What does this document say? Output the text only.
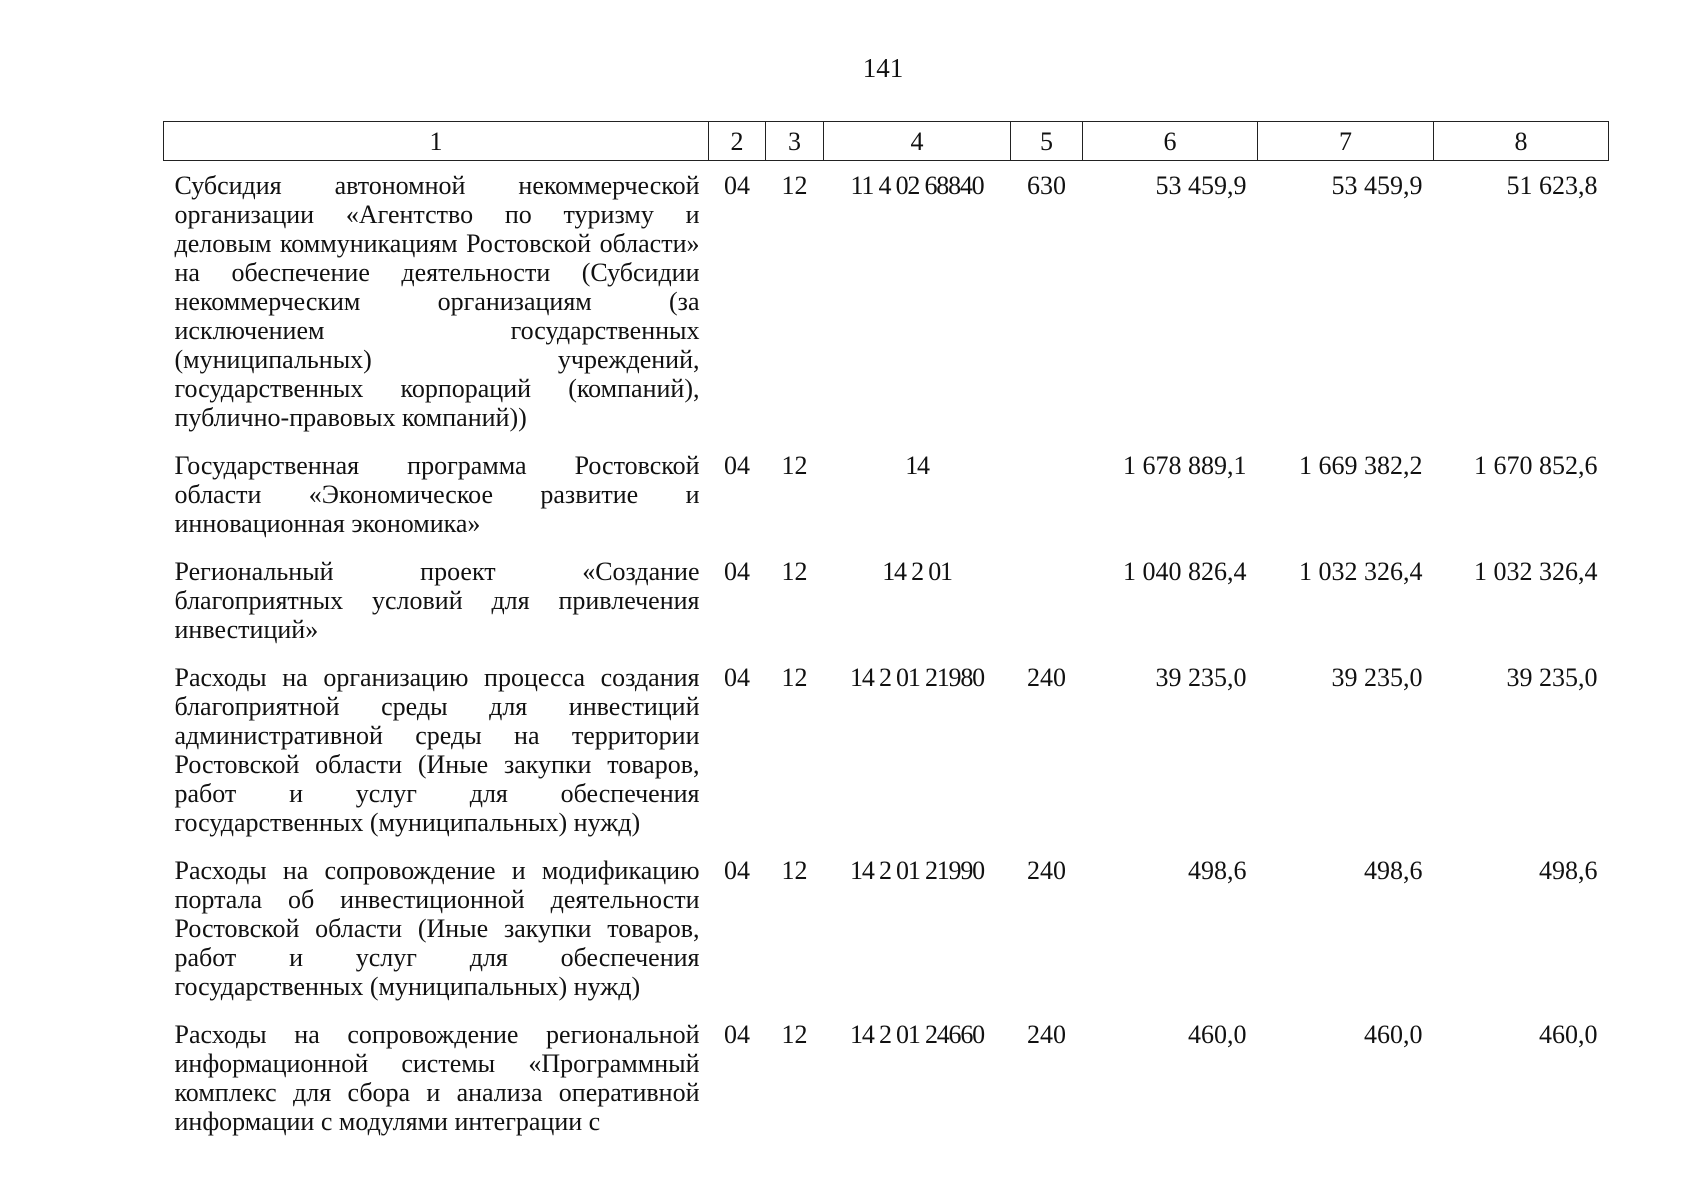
141
1	2	3	4	5	6	7	8
Субсидия автономной некоммерческой организации «Агентство по туризму и деловым коммуникациям Ростовской области» на обеспечение деятельности (Субсидии некоммерческим организациям (за исключением государственных (муниципальных) учреждений, государственных корпораций (компаний), публично-правовых компаний))	04	12	11 4 02 68840	630	53 459,9	53 459,9	51 623,8
Государственная программа Ростовской области «Экономическое развитие и инновационная экономика»	04	12	14		1 678 889,1	1 669 382,2	1 670 852,6
Региональный проект «Создание благоприятных условий для привлечения инвестиций»	04	12	14 2 01		1 040 826,4	1 032 326,4	1 032 326,4
Расходы на организацию процесса создания благоприятной среды для инвестиций административной среды на территории Ростовской области (Иные закупки товаров, работ и услуг для обеспечения государственных (муниципальных) нужд)	04	12	14 2 01 21980	240	39 235,0	39 235,0	39 235,0
Расходы на сопровождение и модификацию портала об инвестиционной деятельности Ростовской области (Иные закупки товаров, работ и услуг для обеспечения государственных (муниципальных) нужд)	04	12	14 2 01 21990	240	498,6	498,6	498,6
Расходы на сопровождение региональной информационной системы «Программный комплекс для сбора и анализа оперативной информации с модулями интеграции с	04	12	14 2 01 24660	240	460,0	460,0	460,0
